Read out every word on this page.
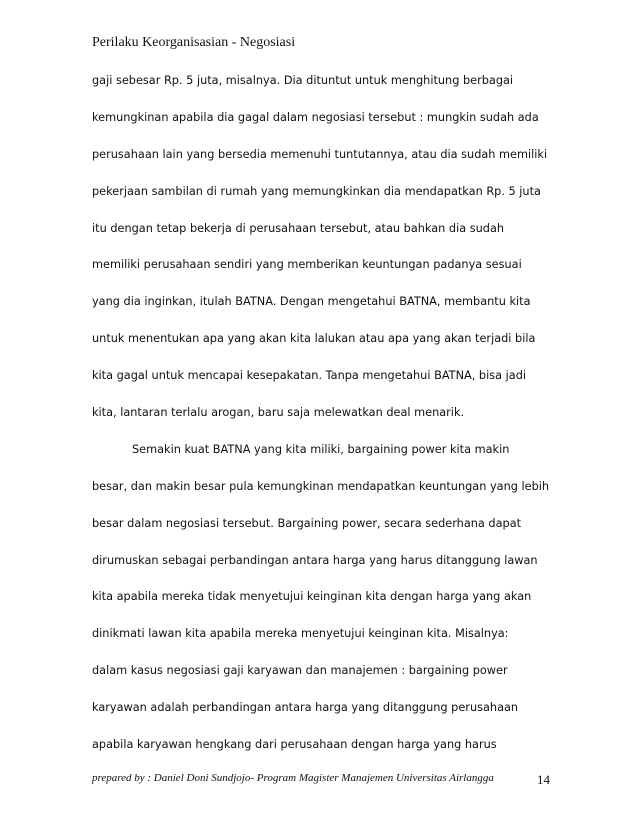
Perilaku Keorganisasian - Negosiasi
gaji sebesar Rp. 5 juta, misalnya. Dia dituntut untuk menghitung berbagai
kemungkinan apabila dia gagal dalam negosiasi tersebut : mungkin sudah ada
perusahaan lain yang bersedia memenuhi tuntutannya, atau dia sudah memiliki
pekerjaan sambilan di rumah yang memungkinkan dia mendapatkan Rp. 5 juta
itu dengan tetap bekerja di perusahaan tersebut, atau bahkan dia sudah
memiliki perusahaan sendiri yang memberikan keuntungan padanya sesuai
yang dia inginkan, itulah BATNA. Dengan mengetahui BATNA, membantu kita
untuk menentukan apa yang akan kita lalukan atau apa yang akan terjadi bila
kita gagal untuk mencapai kesepakatan. Tanpa mengetahui BATNA, bisa jadi
kita, lantaran terlalu arogan, baru saja melewatkan deal menarik.
Semakin kuat BATNA yang kita miliki, bargaining power kita makin
besar, dan makin besar pula kemungkinan mendapatkan keuntungan yang lebih
besar dalam negosiasi tersebut. Bargaining power, secara sederhana dapat
dirumuskan sebagai perbandingan antara harga yang harus ditanggung lawan
kita apabila mereka tidak menyetujui keinginan kita dengan harga yang akan
dinikmati lawan kita apabila mereka menyetujui keinginan kita. Misalnya:
dalam kasus negosiasi gaji karyawan dan manajemen : bargaining power
karyawan adalah perbandingan antara harga yang ditanggung perusahaan
apabila karyawan hengkang dari perusahaan dengan harga yang harus
prepared by : Daniel Doni Sundjojo- Program Magister Manajemen Universitas Airlangga	14
